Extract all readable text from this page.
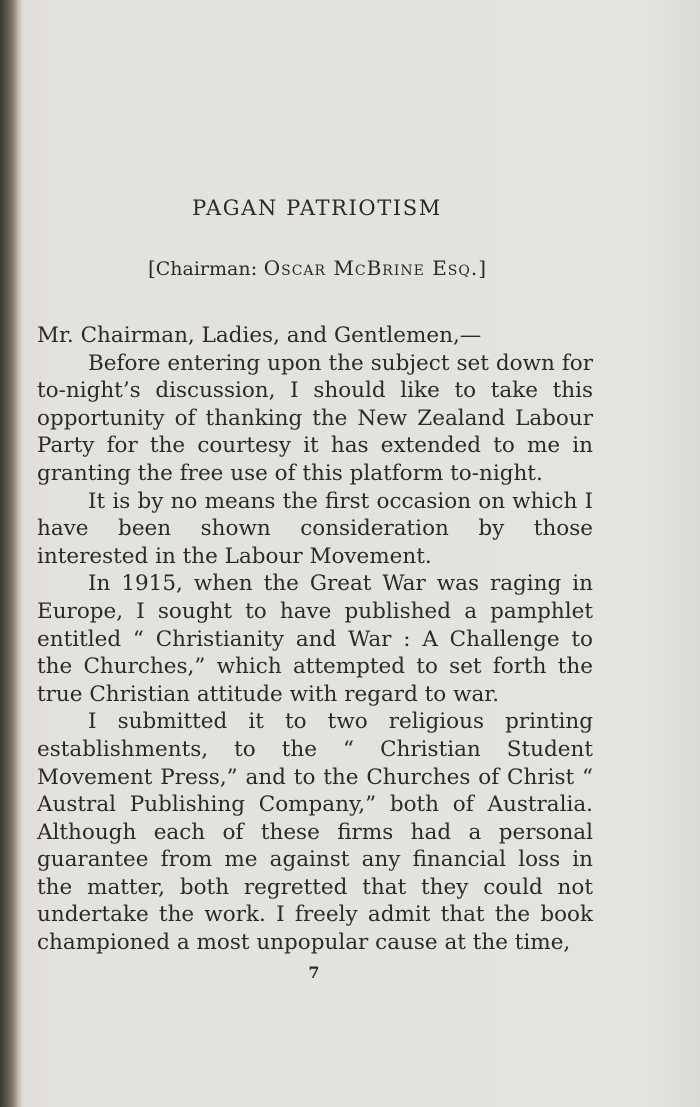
PAGAN PATRIOTISM
[Chairman: Oscar McBrine Esq.]

Mr. Chairman, Ladies, and Gentlemen,—

Before entering upon the subject set down for to-night’s discussion, I should like to take this opportunity of thanking the New Zealand Labour Party for the courtesy it has extended to me in granting the free use of this platform to-night.

It is by no means the first occasion on which I have been shown consideration by those interested in the Labour Movement.

In 1915, when the Great War was raging in Europe, I sought to have published a pamphlet entitled “ Christianity and War : A Challenge to the Churches,” which attempted to set forth the true Christian attitude with regard to war.

I submitted it to two religious printing establishments, to the “ Christian Student Movement Press,” and to the Churches of Christ “ Austral Publishing Company,” both of Australia. Although each of these firms had a personal guarantee from me against any financial loss in the matter, both regretted that they could not undertake the work. I freely admit that the book championed a most unpopular cause at the time,

7
